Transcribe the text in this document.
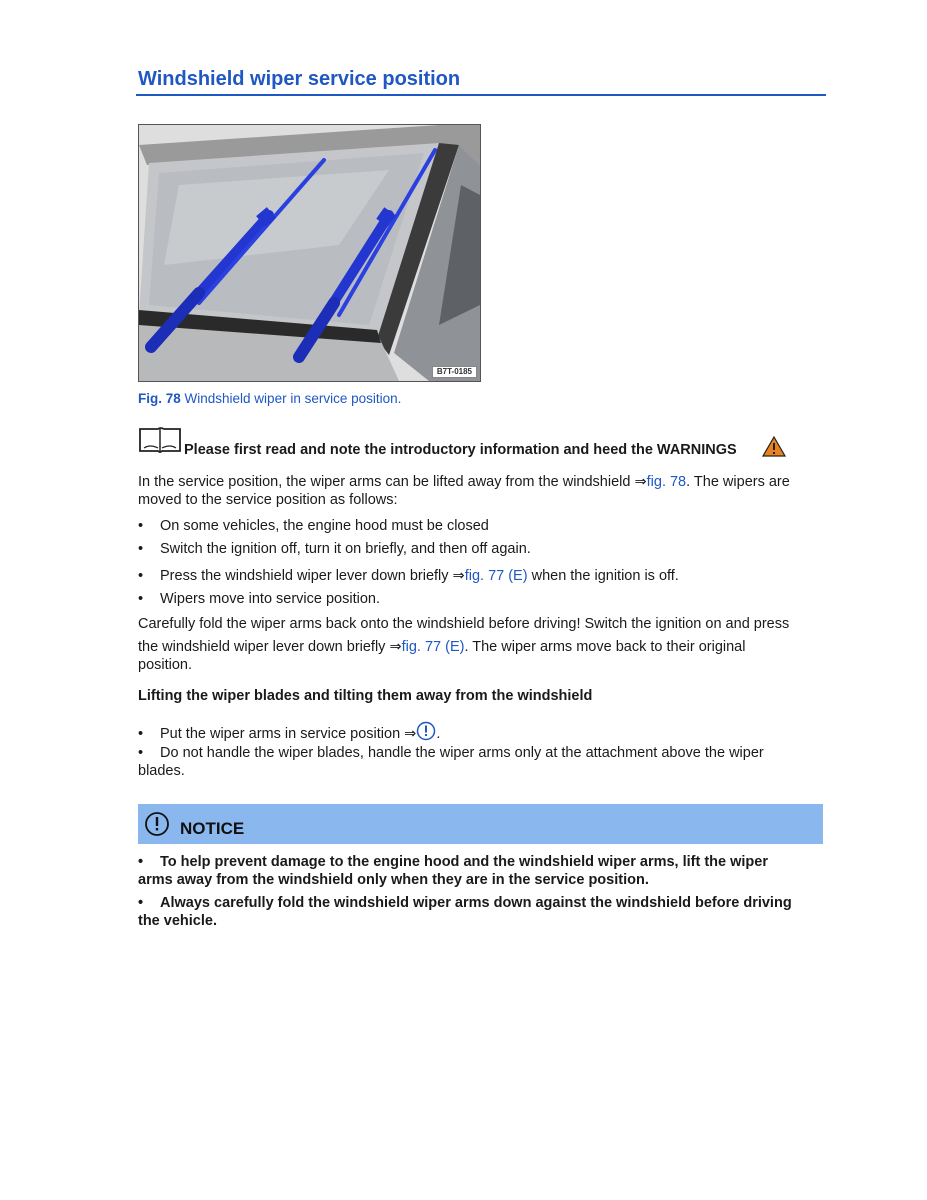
Windshield wiper service position
B7T-0185
Fig. 78 Windshield wiper in service position.
Please first read and note the introductory information and heed the WARNINGS
In the service position, the wiper arms can be lifted away from the windshield ⇒fig. 78. The wipers are
moved to the service position as follows:
• On some vehicles, the engine hood must be closed
• Switch the ignition off, turn it on briefly, and then off again.
• Press the windshield wiper lever down briefly ⇒fig. 77 (E) when the ignition is off.
• Wipers move into service position.
Carefully fold the wiper arms back onto the windshield before driving! Switch the ignition on and press
the windshield wiper lever down briefly ⇒fig. 77 (E). The wiper arms move back to their original
position.
Lifting the wiper blades and tilting them away from the windshield
• Put the wiper arms in service position ⇒ .
• Do not handle the wiper blades, handle the wiper arms only at the attachment above the wiper
blades.
NOTICE
• To help prevent damage to the engine hood and the windshield wiper arms, lift the wiper
arms away from the windshield only when they are in the service position.
• Always carefully fold the windshield wiper arms down against the windshield before driving
the vehicle.
